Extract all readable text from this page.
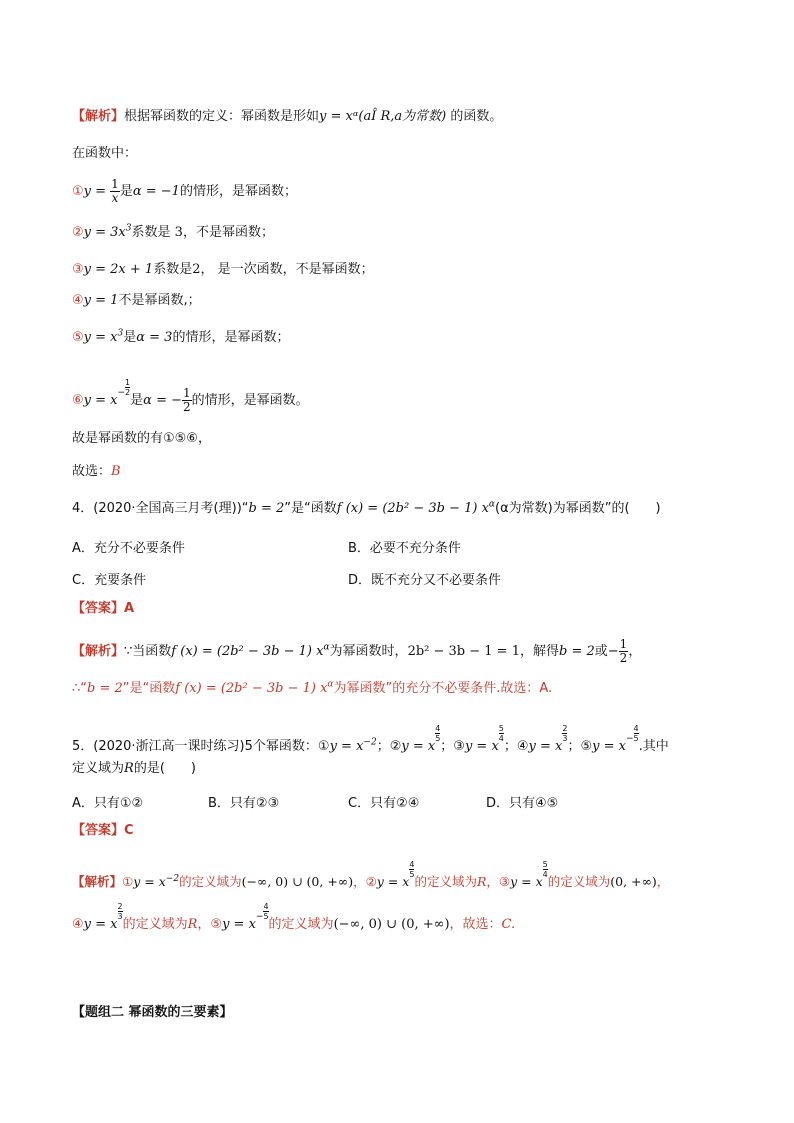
【解析】根据幂函数的定义：幂函数是形如y = xᵅ(aÎ R,a为常数) 的函数。
在函数中：
①y = $\frac{1}{x}$ 是α = −1的情形，是幂函数；
②y = $3x^3$系数是 3，不是幂函数；
③y = 2x + 1系数是2， 是一次函数，不是幂函数；
④y = 1不是幂函数,；
⑤y = $x^3$是α = 3的情形，是幂函数；
⑥y = $x^- \frac{1}{2}$
是α = − $\frac{1}{2}$ 的情形，是幂函数。
故是幂函数的有①⑤⑥，
故选：B
4．(2020·全国高三月考(理))“b = 2”是“函数f (x) = (2b² − 3b − 1) $x^\alpha(\alpha$为常数)为幂函数”的(　　)
A．充分不必要条件	B．必要不充分条件
C．充要条件	D．既不充分又不必要条件
【答案】A
【解析】∵当函数f (x) = (2b² − 3b − 1) $x^\alpha$为幂函数时，2b² − 3b − 1 = 1，解得b = 2或− $\frac{1}{2}$ ，
∴“b = 2”是“函数f (x) = (2b² − 3b − 1) $x^\alpha$为幂函数”的充分不必要条件.故选：A.
5．(2020·浙江高一课时练习)5个幂函数：①y = $x^{-2}$；②y = x
$\frac{4}{5}$
；③y = x
$\frac{5}{4}$
；④y = x
$\frac{2}{3}$
；⑤y = $x^- \frac{4}{5}$
.其中
定义域为R的是(　　)
A．只有①②	B．只有②③	C．只有②④	D．只有④⑤
【答案】C
【解析】①y = $x^{-2}$的定义域为(−∞, 0) ∪ (0, +∞)，②y = x
$\frac{4}{5}$
的定义域为R，③y = x
$\frac{5}{4}$
的定义域为(0, +∞)，
④y = x
$\frac{2}{3}$
的定义域为R，⑤y = $x^- \frac{4}{5}$
的定义域为(−∞, 0) ∪ (0, +∞)，故选：C.
【题组二 幂函数的三要素】
